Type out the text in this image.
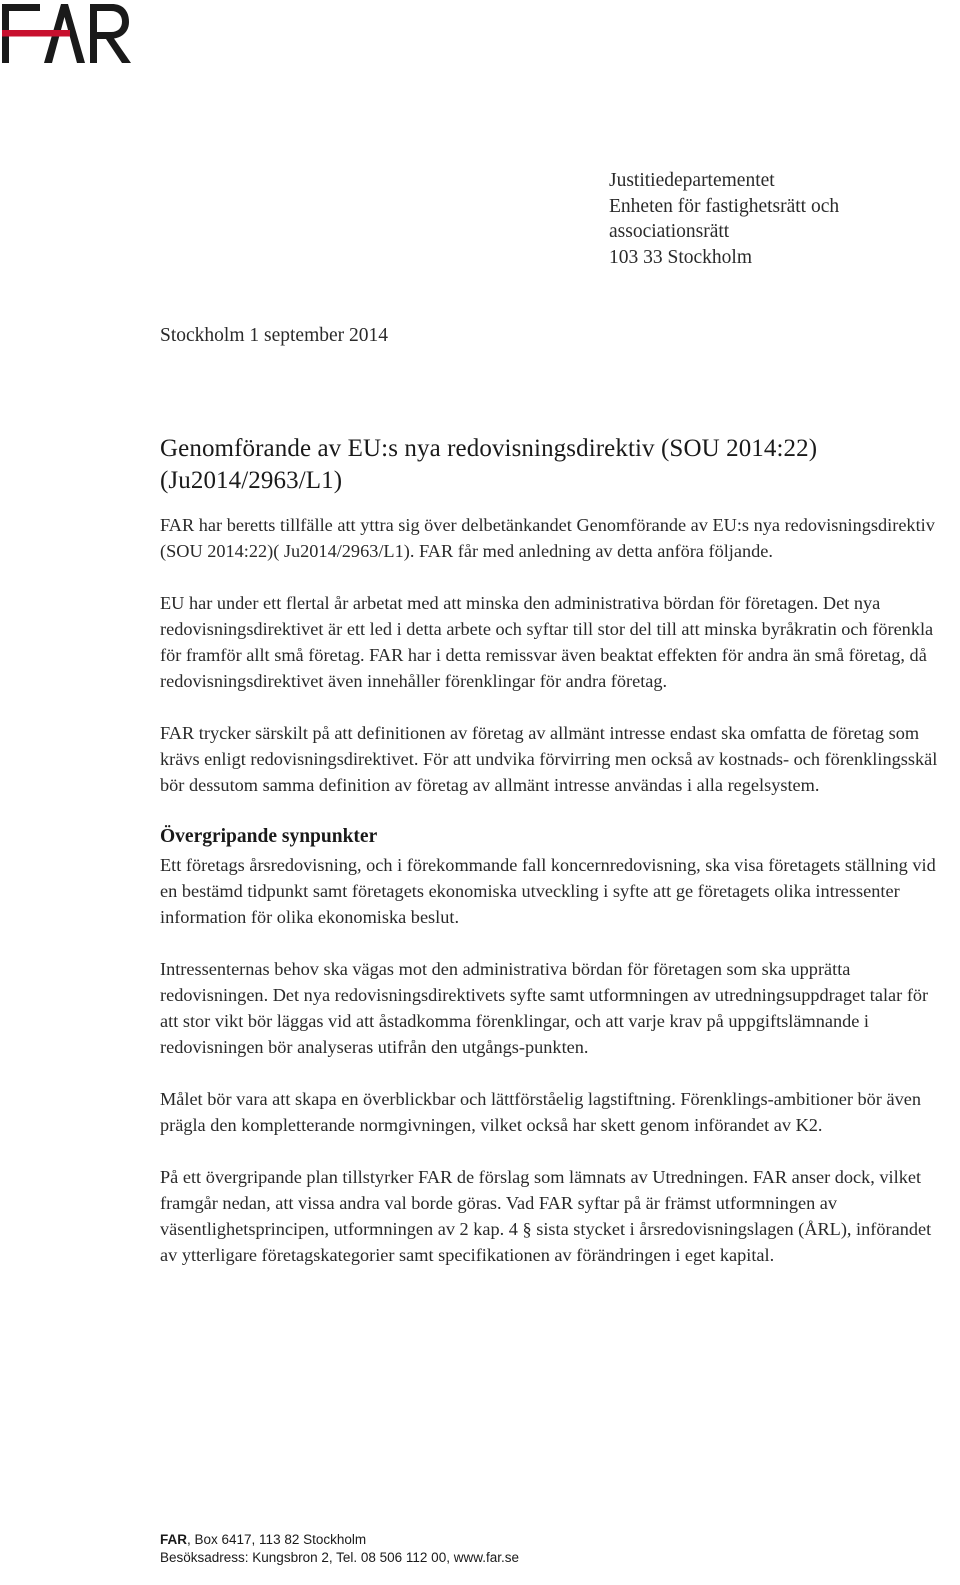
Justitiedepartementet
Enheten för fastighetsrätt och
associationsrätt
103 33 Stockholm
Stockholm 1 september 2014
Genomförande av EU:s nya redovisningsdirektiv (SOU 2014:22)
(Ju2014/2963/L1)

FAR har beretts tillfälle att yttra sig över delbetänkandet Genomförande av EU:s nya redovisningsdirektiv (SOU 2014:22)( Ju2014/2963/L1). FAR får med anledning av detta anföra följande.

EU har under ett flertal år arbetat med att minska den administrativa bördan för företagen. Det nya redovisningsdirektivet är ett led i detta arbete och syftar till stor del till att minska byråkratin och förenkla för framför allt små företag. FAR har i detta remissvar även beaktat effekten för andra än små företag, då redovisningsdirektivet även innehåller förenklingar för andra företag.

FAR trycker särskilt på att definitionen av företag av allmänt intresse endast ska omfatta de företag som krävs enligt redovisningsdirektivet. För att undvika förvirring men också av kostnads- och förenklingsskäl bör dessutom samma definition av företag av allmänt intresse användas i alla regelsystem.

Övergripande synpunkter

Ett företags årsredovisning, och i förekommande fall koncernredovisning, ska visa företagets ställning vid en bestämd tidpunkt samt företagets ekonomiska utveckling i syfte att ge företagets olika intressenter information för olika ekonomiska beslut.

Intressenternas behov ska vägas mot den administrativa bördan för företagen som ska upprätta redovisningen. Det nya redovisningsdirektivets syfte samt utformningen av utredningsuppdraget talar för att stor vikt bör läggas vid att åstadkomma förenklingar, och att varje krav på uppgiftslämnande i redovisningen bör analyseras utifrån den utgångs-punkten.

Målet bör vara att skapa en överblickbar och lättförståelig lagstiftning. Förenklings-ambitioner bör även prägla den kompletterande normgivningen, vilket också har skett genom införandet av K2.

På ett övergripande plan tillstyrker FAR de förslag som lämnats av Utredningen. FAR anser dock, vilket framgår nedan, att vissa andra val borde göras. Vad FAR syftar på är främst utformningen av väsentlighetsprincipen, utformningen av 2 kap. 4 § sista stycket i årsredovisningslagen (ÅRL), införandet av ytterligare företagskategorier samt specifikationen av förändringen i eget kapital.

FAR, Box 6417, 113 82 Stockholm
Besöksadress: Kungsbron 2, Tel. 08 506 112 00, www.far.se
